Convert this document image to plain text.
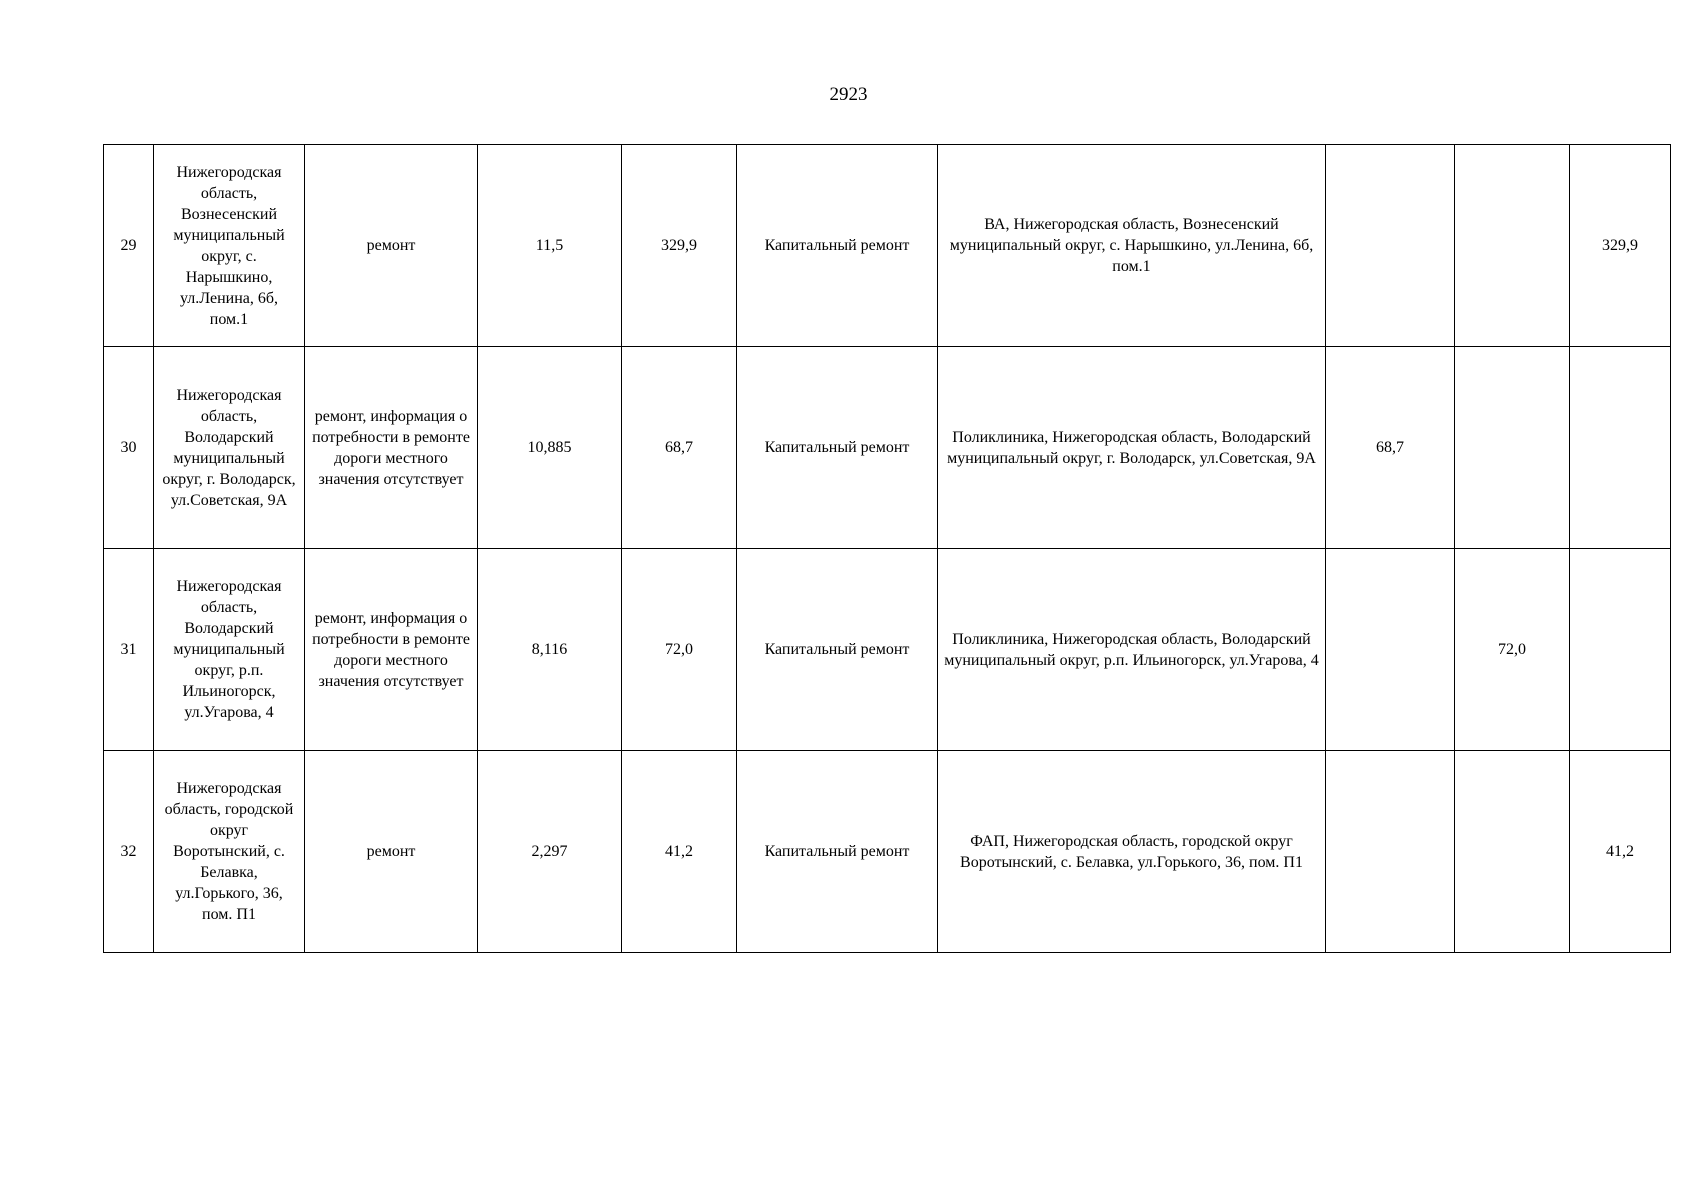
2923
29	Нижегородская область, Вознесенский муниципальный округ, с. Нарышкино, ул.Ленина, 6б, пом.1	ремонт	11,5	329,9	Капитальный ремонт	ВА, Нижегородская область, Вознесенский муниципальный округ, с. Нарышкино, ул.Ленина, 6б, пом.1			329,9
30	Нижегородская область, Володарский муниципальный округ, г. Володарск, ул.Советская, 9А	ремонт, информация о потребности в ремонте дороги местного значения отсутствует	10,885	68,7	Капитальный ремонт	Поликлиника, Нижегородская область, Володарский муниципальный округ, г. Володарск, ул.Советская, 9А	68,7		
31	Нижегородская область, Володарский муниципальный округ, р.п. Ильиногорск, ул.Угарова, 4	ремонт, информация о потребности в ремонте дороги местного значения отсутствует	8,116	72,0	Капитальный ремонт	Поликлиника, Нижегородская область, Володарский муниципальный округ, р.п. Ильиногорск, ул.Угарова, 4		72,0	
32	Нижегородская область, городской округ Воротынский, с. Белавка, ул.Горького, 36, пом. П1	ремонт	2,297	41,2	Капитальный ремонт	ФАП, Нижегородская область, городской округ Воротынский, с. Белавка, ул.Горького, 36, пом. П1			41,2
